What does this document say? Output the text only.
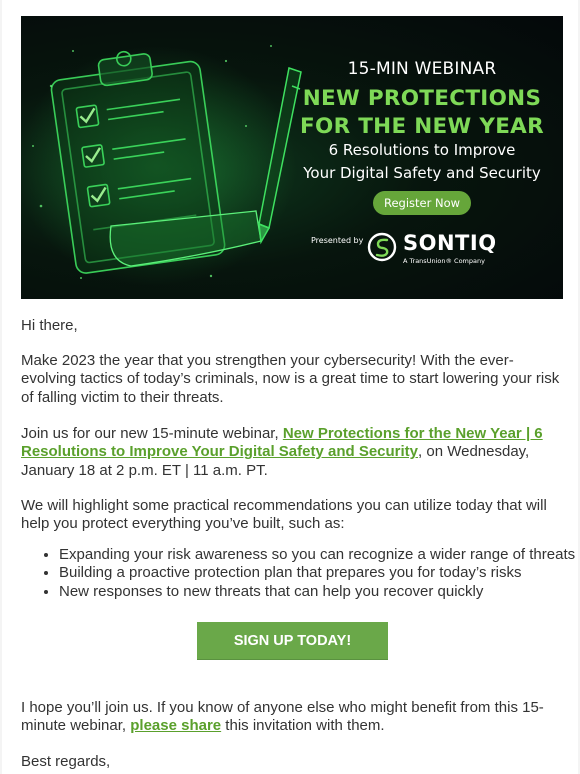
15-MIN WEBINAR
NEW PROTECTIONS
FOR THE NEW YEAR
6 Resolutions to Improve
Your Digital Safety and Security
Register Now
Presented by SONTIQ
A TransUnion® Company
Hi there,
Make 2023 the year that you strengthen your cybersecurity! With the ever-evolving tactics of today’s criminals, now is a great time to start lowering your risk of falling victim to their threats.
Join us for our new 15-minute webinar, New Protections for the New Year | 6 Resolutions to Improve Your Digital Safety and Security, on Wednesday, January 18 at 2 p.m. ET | 11 a.m. PT.
We will highlight some practical recommendations you can utilize today that will help you protect everything you’ve built, such as:
• Expanding your risk awareness so you can recognize a wider range of threats
• Building a proactive protection plan that prepares you for today’s risks
• New responses to new threats that can help you recover quickly
SIGN UP TODAY!
I hope you’ll join us. If you know of anyone else who might benefit from this 15-minute webinar, please share this invitation with them.
Best regards,
